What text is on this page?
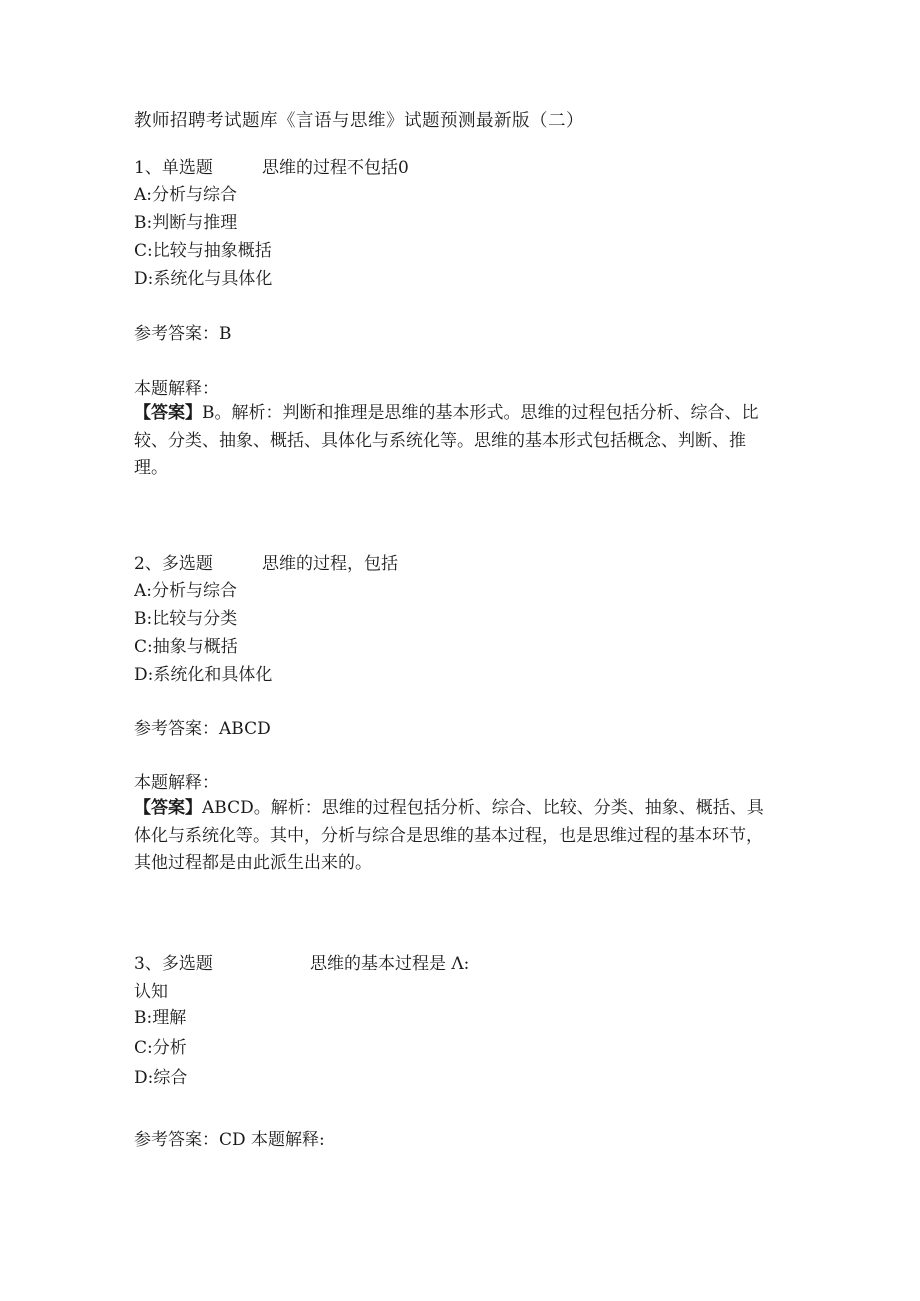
教师招聘考试题库《言语与思维》试题预测最新版（二）
1、单选题	思维的过程不包括0
A:分析与综合
B:判断与推理
C:比较与抽象概括
D:系统化与具体化
参考答案：B
本题解释：
【答案】B。解析：判断和推理是思维的基本形式。思维的过程包括分析、综合、比较、分类、抽象、概括、具体化与系统化等。思维的基本形式包括概念、判断、推理。
2、多选题	思维的过程，包括
A:分析与综合
B:比较与分类
C:抽象与概括
D:系统化和具体化
参考答案：ABCD
本题解释：
【答案】ABCD。解析：思维的过程包括分析、综合、比较、分类、抽象、概括、具体化与系统化等。其中，分析与综合是思维的基本过程，也是思维过程的基本环节，其他过程都是由此派生出来的。
3、多选题	思维的基本过程是 Λ:
认知
B:理解
C:分析
D:综合
参考答案：CD 本题解释:
